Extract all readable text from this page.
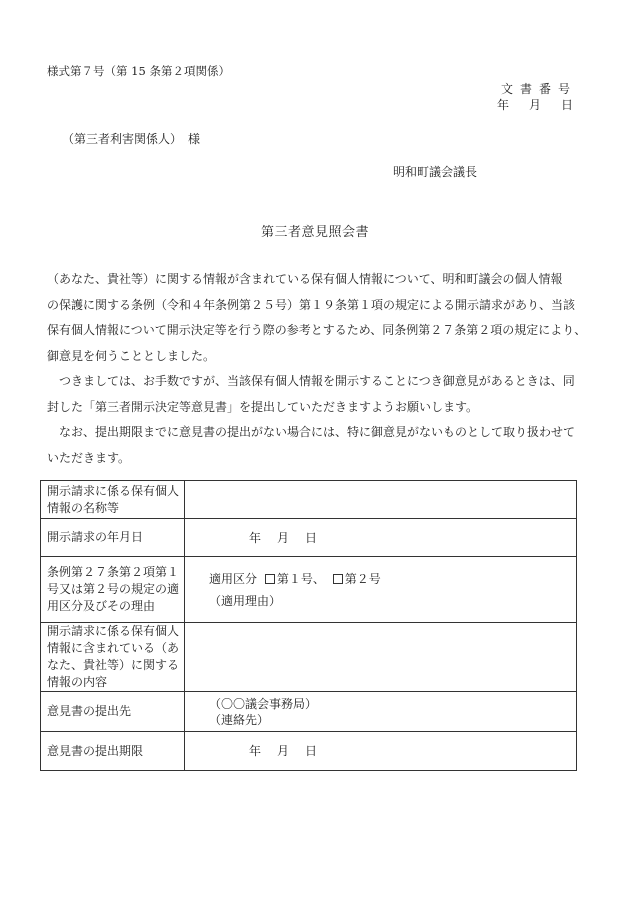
様式第７号（第 15 条第２項関係）
文書番号
年　月　日
（第三者利害関係人）　様
明和町議会議長
第三者意見照会書
（あなた、貴社等）に関する情報が含まれている保有個人情報について、明和町議会の個人情報
の保護に関する条例（令和４年条例第２５号）第１９条第１項の規定による開示請求があり、当該
保有個人情報について開示決定等を行う際の参考とするため、同条例第２７条第２項の規定により、
御意見を伺うこととしました。
　つきましては、お手数ですが、当該保有個人情報を開示することにつき御意見があるときは、同
封した「第三者開示決定等意見書」を提出していただきますようお願いします。
　なお、提出期限までに意見書の提出がない場合には、特に御意見がないものとして取り扱わせて
いただきます。
開示請求に係る保有個人
情報の名称等	

開示請求の年月日	年　月　日

条例第２７条第２項第１
号又は第２号の規定の適
用区分及びその理由	適用区分 第１号、 第２号
（適用理由）

開示請求に係る保有個人
情報に含まれている（あ
なた、貴社等）に関する
情報の内容	

意見書の提出先	（〇〇議会事務局）
（連絡先）

意見書の提出期限	年　月　日
